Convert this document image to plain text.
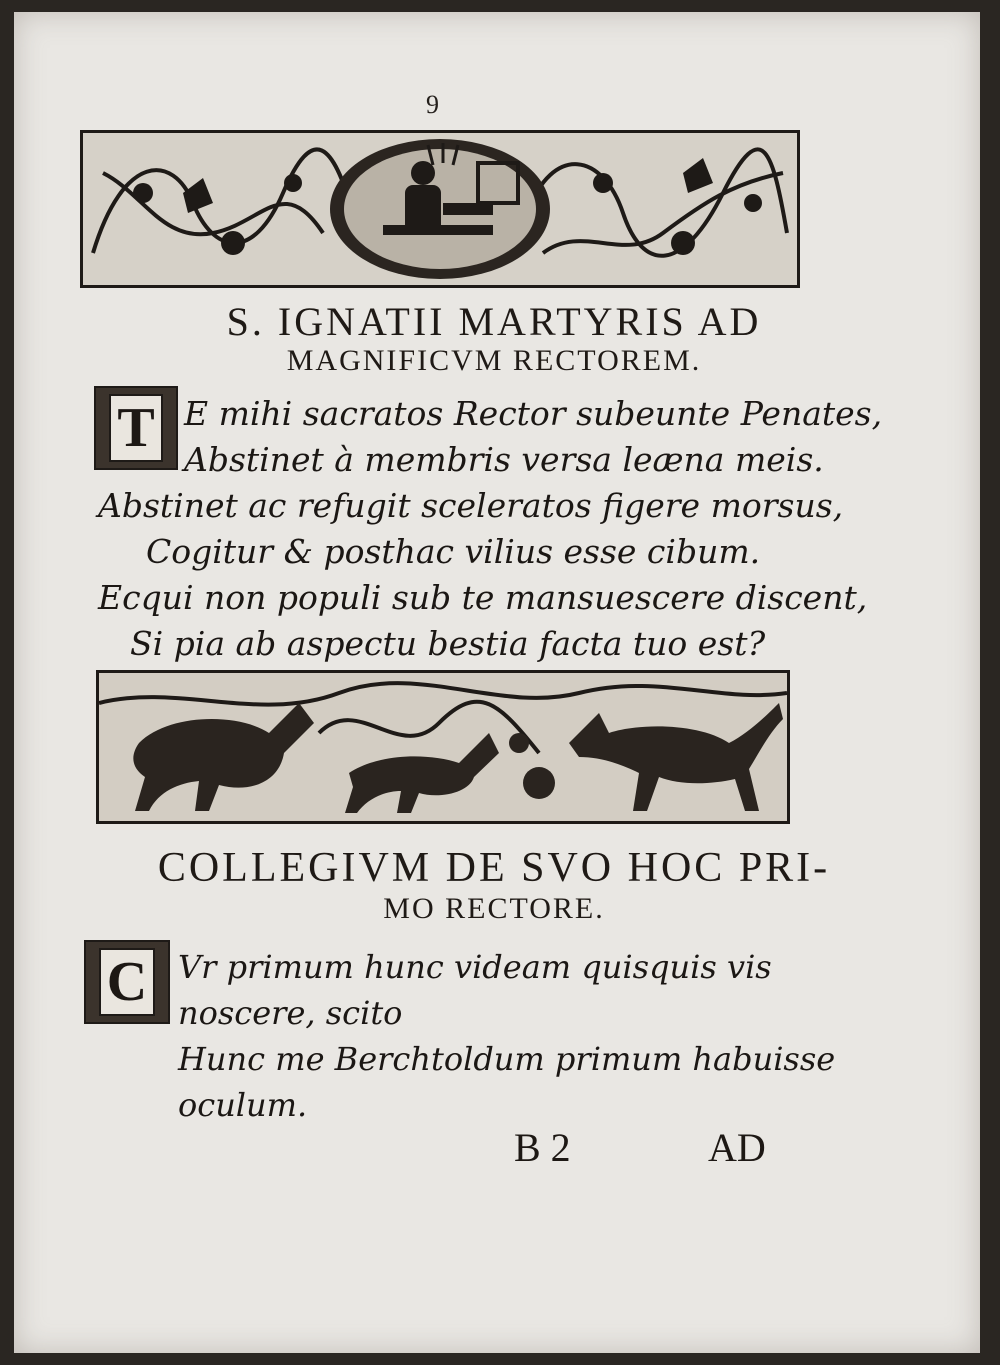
9
S. IGNATII MARTYRIS AD
MAGNIFICVM RECTOREM.
T E mihi sacratos Rector subeunte Penates,
Abstinet à membris versa leæna meis.
Abstinet ac refugit sceleratos figere morsus,
Cogitur & posthac vilius esse cibum.
Ecqui non populi sub te mansuescere discent,
Si pia ab aspectu bestia facta tuo est?
COLLEGIVM DE SVO HOC PRI-
MO RECTORE.
C Vr primum hunc videam quisquis vis
noscere, scito
Hunc me Berchtoldum primum habuisse
oculum.
B 2	AD
